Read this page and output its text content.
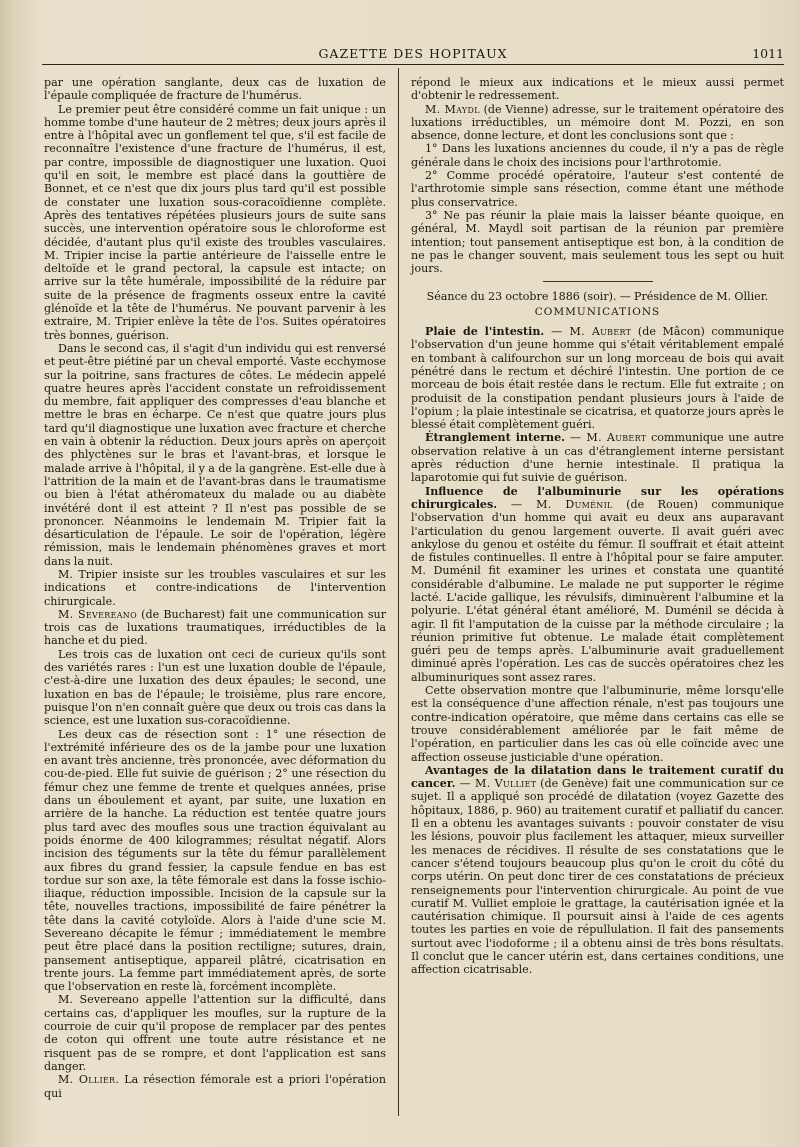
GAZETTE DES HOPITAUX	1011

par une opération sanglante, deux cas de luxation de l'épaule compliquée de fracture de l'humérus.

Le premier peut être considéré comme un fait unique : un homme tombe d'une hauteur de 2 mètres; deux jours après il entre à l'hôpital avec un gonflement tel que, s'il est facile de reconnaître l'existence d'une fracture de l'humérus, il est, par contre, impossible de diagnostiquer une luxation. Quoi qu'il en soit, le membre est placé dans la gouttière de Bonnet, et ce n'est que dix jours plus tard qu'il est possible de constater une luxation sous-coracoïdienne complète. Après des tentatives répétées plusieurs jours de suite sans succès, une intervention opératoire sous le chloroforme est décidée, d'autant plus qu'il existe des troubles vasculaires. M. Tripier incise la partie antérieure de l'aisselle entre le deltoïde et le grand pectoral, la capsule est intacte; on arrive sur la tête humérale, impossibilité de la réduire par suite de la présence de fragments osseux entre la cavité glénoïde et la tête de l'humérus. Ne pouvant parvenir à les extraire, M. Tripier enlève la tête de l'os. Suites opératoires très bonnes, guérison.

Dans le second cas, il s'agit d'un individu qui est renversé et peut-être piétiné par un cheval emporté. Vaste ecchymose sur la poitrine, sans fractures de côtes. Le médecin appelé quatre heures après l'accident constate un refroidissement du membre, fait appliquer des compresses d'eau blanche et mettre le bras en écharpe. Ce n'est que quatre jours plus tard qu'il diagnostique une luxation avec fracture et cherche en vain à obtenir la réduction. Deux jours après on aperçoit des phlyctènes sur le bras et l'avant-bras, et lorsque le malade arrive à l'hôpital, il y a de la gangrène. Est-elle due à l'attrition de la main et de l'avant-bras dans le traumatisme ou bien à l'état athéromateux du malade ou au diabète invétéré dont il est atteint ? Il n'est pas possible de se prononcer. Néanmoins le lendemain M. Tripier fait la désarticulation de l'épaule. Le soir de l'opération, légère rémission, mais le lendemain phénomènes graves et mort dans la nuit.

M. Tripier insiste sur les troubles vasculaires et sur les indications et contre-indications de l'intervention chirurgicale.

M. Severeano (de Bucharest) fait une communication sur trois cas de luxations traumatiques, irréductibles de la hanche et du pied.

Les trois cas de luxation ont ceci de curieux qu'ils sont des variétés rares : l'un est une luxation double de l'épaule, c'est-à-dire une luxation des deux épaules; le second, une luxation en bas de l'épaule; le troisième, plus rare encore, puisque l'on n'en connaît guère que deux ou trois cas dans la science, est une luxation sus-coracoïdienne.

Les deux cas de résection sont : 1° une résection de l'extrémité inférieure des os de la jambe pour une luxation en avant très ancienne, très prononcée, avec déformation du cou-de-pied. Elle fut suivie de guérison ; 2° une résection du fémur chez une femme de trente et quelques années, prise dans un éboulement et ayant, par suite, une luxation en arrière de la hanche. La réduction est tentée quatre jours plus tard avec des moufles sous une traction équivalant au poids énorme de 400 kilogrammes; résultat négatif. Alors incision des téguments sur la tête du fémur parallèlement aux fibres du grand fessier, la capsule fendue en bas est tordue sur son axe, la tête fémorale est dans la fosse ischio-iliaque, réduction impossible. Incision de la capsule sur la tête, nouvelles tractions, impossibilité de faire pénétrer la tête dans la cavité cotyloïde. Alors à l'aide d'une scie M. Severeano décapite le fémur ; immédiatement le membre peut être placé dans la position rectiligne; sutures, drain, pansement antiseptique, appareil plâtré, cicatrisation en trente jours. La femme part immédiatement après, de sorte que l'observation en reste là, forcément incomplète.

M. Severeano appelle l'attention sur la difficulté, dans certains cas, d'appliquer les moufles, sur la rupture de la courroie de cuir qu'il propose de remplacer par des pentes de coton qui offrent une toute autre résistance et ne risquent pas de se rompre, et dont l'application est sans danger.

M. Ollier. La résection fémorale est a priori l'opération qui

répond le mieux aux indications et le mieux aussi permet d'obtenir le redressement.

M. Maydl (de Vienne) adresse, sur le traitement opératoire des luxations irréductibles, un mémoire dont M. Pozzi, en son absence, donne lecture, et dont les conclusions sont que :

1° Dans les luxations anciennes du coude, il n'y a pas de règle générale dans le choix des incisions pour l'arthrotomie.

2° Comme procédé opératoire, l'auteur s'est contenté de l'arthrotomie simple sans résection, comme étant une méthode plus conservatrice.

3° Ne pas réunir la plaie mais la laisser béante quoique, en général, M. Maydl soit partisan de la réunion par première intention; tout pansement antiseptique est bon, à la condition de ne pas le changer souvent, mais seulement tous les sept ou huit jours.

Séance du 23 octobre 1886 (soir). — Présidence de M. Ollier.

COMMUNICATIONS

Plaie de l'intestin. — M. Aubert (de Mâcon) communique l'observation d'un jeune homme qui s'était véritablement empalé en tombant à califourchon sur un long morceau de bois qui avait pénétré dans le rectum et déchiré l'intestin. Une portion de ce morceau de bois était restée dans le rectum. Elle fut extraite ; on produisit de la constipation pendant plusieurs jours à l'aide de l'opium ; la plaie intestinale se cicatrisa, et quatorze jours après le blessé était complètement guéri.

Étranglement interne. — M. Aubert communique une autre observation relative à un cas d'étranglement interne persistant après réduction d'une hernie intestinale. Il pratiqua la laparotomie qui fut suivie de guérison.

Influence de l'albuminurie sur les opérations chirurgicales. — M. Duménil (de Rouen) communique l'observation d'un homme qui avait eu deux ans auparavant l'articulation du genou largement ouverte. Il avait guéri avec ankylose du genou et ostéite du fémur. Il souffrait et était atteint de fistules continuelles. Il entre à l'hôpital pour se faire amputer. M. Duménil fit examiner les urines et constata une quantité considérable d'albumine. Le malade ne put supporter le régime lacté. L'acide gallique, les révulsifs, diminuèrent l'albumine et la polyurie. L'état général étant amélioré, M. Duménil se décida à agir. Il fit l'amputation de la cuisse par la méthode circulaire ; la réunion primitive fut obtenue. Le malade était complètement guéri peu de temps après. L'albuminurie avait graduellement diminué après l'opération. Les cas de succès opératoires chez les albuminuriques sont assez rares.

Cette observation montre que l'albuminurie, même lorsqu'elle est la conséquence d'une affection rénale, n'est pas toujours une contre-indication opératoire, que même dans certains cas elle se trouve considérablement améliorée par le fait même de l'opération, en particulier dans les cas où elle coïncide avec une affection osseuse justiciable d'une opération.

Avantages de la dilatation dans le traitement curatif du cancer. — M. Vulliet (de Genève) fait une communication sur ce sujet. Il a appliqué son procédé de dilatation (voyez Gazette des hôpitaux, 1886, p. 960) au traitement curatif et palliatif du cancer. Il en a obtenu les avantages suivants : pouvoir constater de visu les lésions, pouvoir plus facilement les attaquer, mieux surveiller les menaces de récidives. Il résulte de ses constatations que le cancer s'étend toujours beaucoup plus qu'on le croit du côté du corps utérin. On peut donc tirer de ces constatations de précieux renseignements pour l'intervention chirurgicale. Au point de vue curatif M. Vulliet emploie le grattage, la cautérisation ignée et la cautérisation chimique. Il poursuit ainsi à l'aide de ces agents toutes les parties en voie de répullulation. Il fait des pansements surtout avec l'iodoforme ; il a obtenu ainsi de très bons résultats. Il conclut que le cancer utérin est, dans certaines conditions, une affection cicatrisable.
